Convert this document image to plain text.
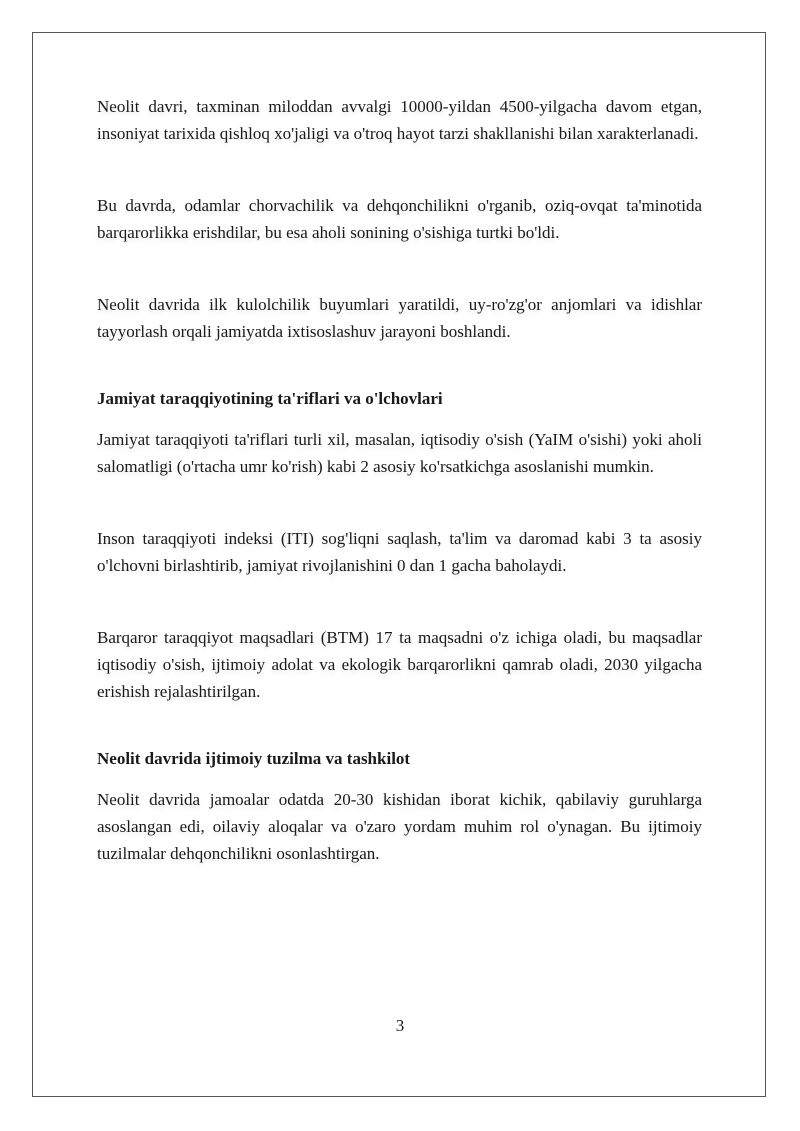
Neolit davri, taxminan miloddan avvalgi 10000-yildan 4500-yilgacha davom etgan, insoniyat tarixida qishloq xo'jaligi va o'troq hayot tarzi shakllanishi bilan xarakterlanadi.

Bu davrda, odamlar chorvachilik va dehqonchilikni o'rganib, oziq-ovqat ta'minotida barqarorlikka erishdilar, bu esa aholi sonining o'sishiga turtki bo'ldi.

Neolit davrida ilk kulolchilik buyumlari yaratildi, uy-ro'zg'or anjomlari va idishlar tayyorlash orqali jamiyatda ixtisoslashuv jarayoni boshlandi.

Jamiyat taraqqiyotining ta'riflari va o'lchovlari

Jamiyat taraqqiyoti ta'riflari turli xil, masalan, iqtisodiy o'sish (YaIM o'sishi) yoki aholi salomatligi (o'rtacha umr ko'rish) kabi 2 asosiy ko'rsatkichga asoslanishi mumkin.

Inson taraqqiyoti indeksi (ITI) sog'liqni saqlash, ta'lim va daromad kabi 3 ta asosiy o'lchovni birlashtirib, jamiyat rivojlanishini 0 dan 1 gacha baholaydi.

Barqaror taraqqiyot maqsadlari (BTM) 17 ta maqsadni o'z ichiga oladi, bu maqsadlar iqtisodiy o'sish, ijtimoiy adolat va ekologik barqarorlikni qamrab oladi, 2030 yilgacha erishish rejalashtirilgan.

Neolit davrida ijtimoiy tuzilma va tashkilot

Neolit davrida jamoalar odatda 20-30 kishidan iborat kichik, qabilaviy guruhlarga asoslangan edi, oilaviy aloqalar va o'zaro yordam muhim rol o'ynagan. Bu ijtimoiy tuzilmalar dehqonchilikni osonlashtirgan.

3
